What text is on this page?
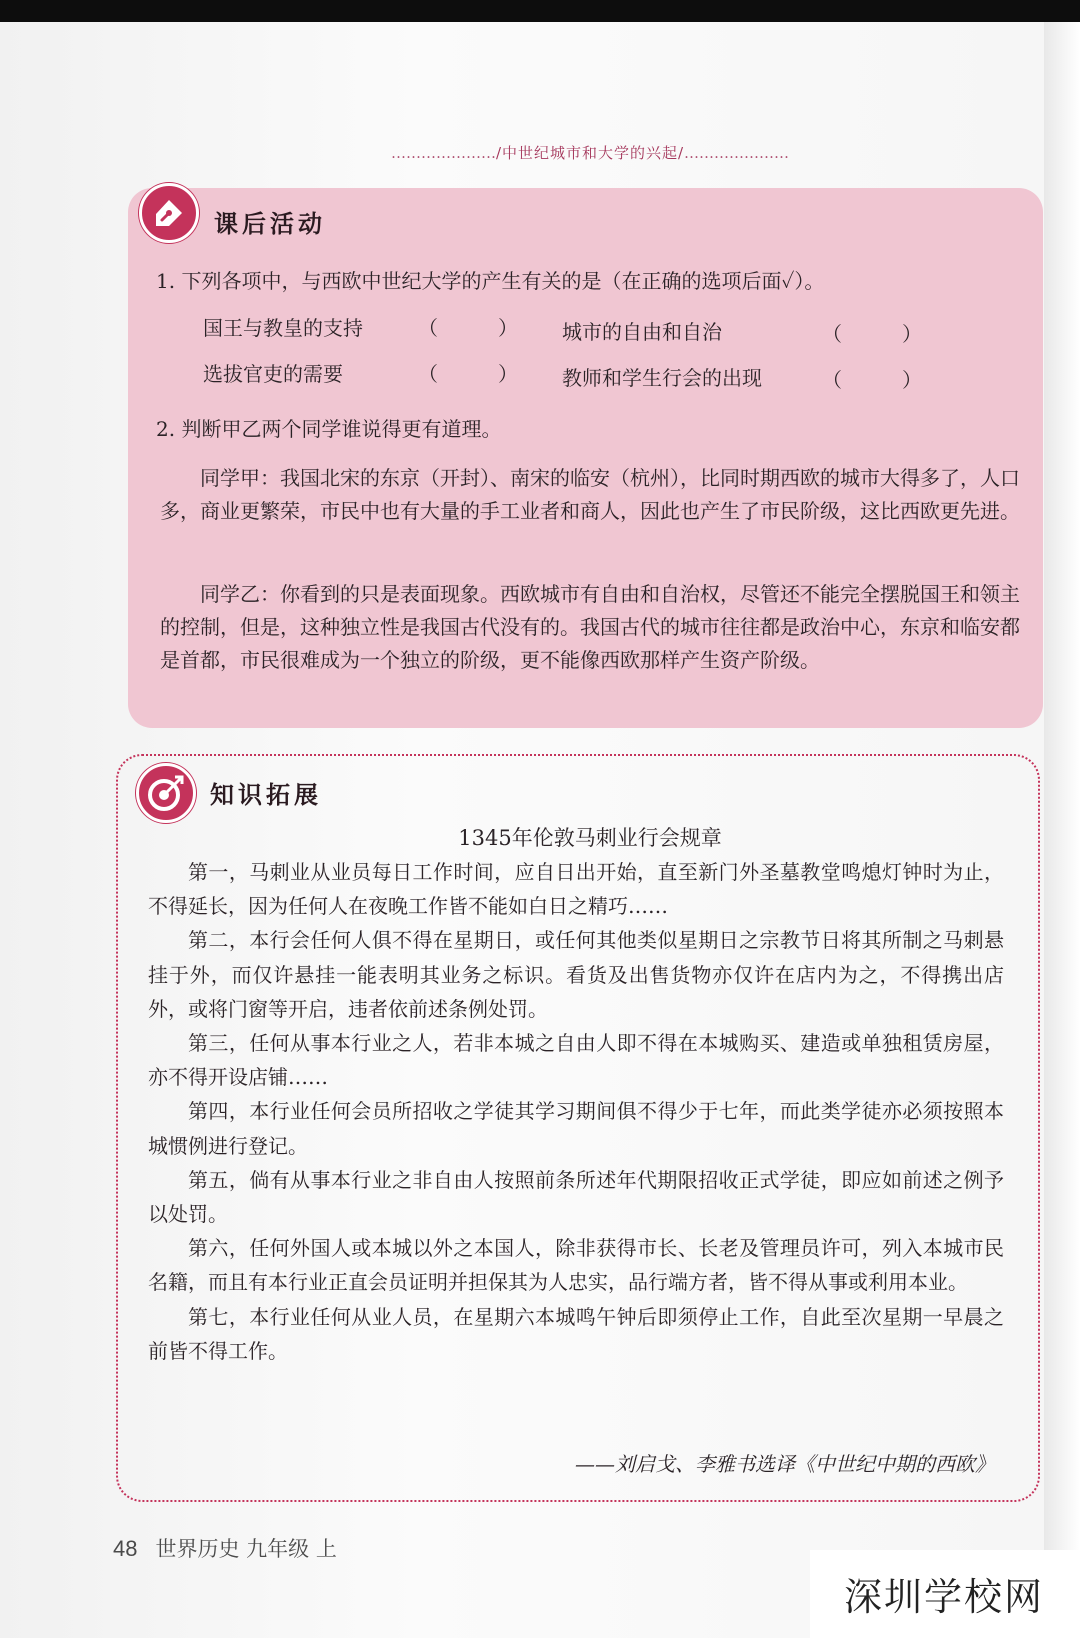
…………………/中世纪城市和大学的兴起/…………………
课后活动
1. 下列各项中，与西欧中世纪大学的产生有关的是（在正确的选项后面✓）。
国王与教皇的支持	（　　　） 城市的自由和自治	（　　　）
选拔官吏的需要	（　　　） 教师和学生行会的出现	（　　　）
2. 判断甲乙两个同学谁说得更有道理。
同学甲：我国北宋的东京（开封）、南宋的临安（杭州），比同时期西欧的城市大得多了，人口多，商业更繁荣，市民中也有大量的手工业者和商人，因此也产生了市民阶级，这比西欧更先进。
同学乙：你看到的只是表面现象。西欧城市有自由和自治权，尽管还不能完全摆脱国王和领主的控制，但是，这种独立性是我国古代没有的。我国古代的城市往往都是政治中心，东京和临安都是首都，市民很难成为一个独立的阶级，更不能像西欧那样产生资产阶级。
知识拓展
1345年伦敦马刺业行会规章

第一，马刺业从业员每日工作时间，应自日出开始，直至新门外圣墓教堂鸣熄灯钟时为止，不得延长，因为任何人在夜晚工作皆不能如白日之精巧……

第二，本行会任何人俱不得在星期日，或任何其他类似星期日之宗教节日将其所制之马刺悬挂于外，而仅许悬挂一能表明其业务之标识。看货及出售货物亦仅许在店内为之，不得携出店外，或将门窗等开启，违者依前述条例处罚。

第三，任何从事本行业之人，若非本城之自由人即不得在本城购买、建造或单独租赁房屋，亦不得开设店铺……

第四，本行业任何会员所招收之学徒其学习期间俱不得少于七年，而此类学徒亦必须按照本城惯例进行登记。

第五，倘有从事本行业之非自由人按照前条所述年代期限招收正式学徒，即应如前述之例予以处罚。

第六，任何外国人或本城以外之本国人，除非获得市长、长老及管理员许可，列入本城市民名籍，而且有本行业正直会员证明并担保其为人忠实，品行端方者，皆不得从事或利用本业。

第七，本行业任何从业人员，在星期六本城鸣午钟后即须停止工作，自此至次星期一早晨之前皆不得工作。

——刘启戈、李雅书选译《中世纪中期的西欧》
48 世界历史 九年级 上
深圳学校网
